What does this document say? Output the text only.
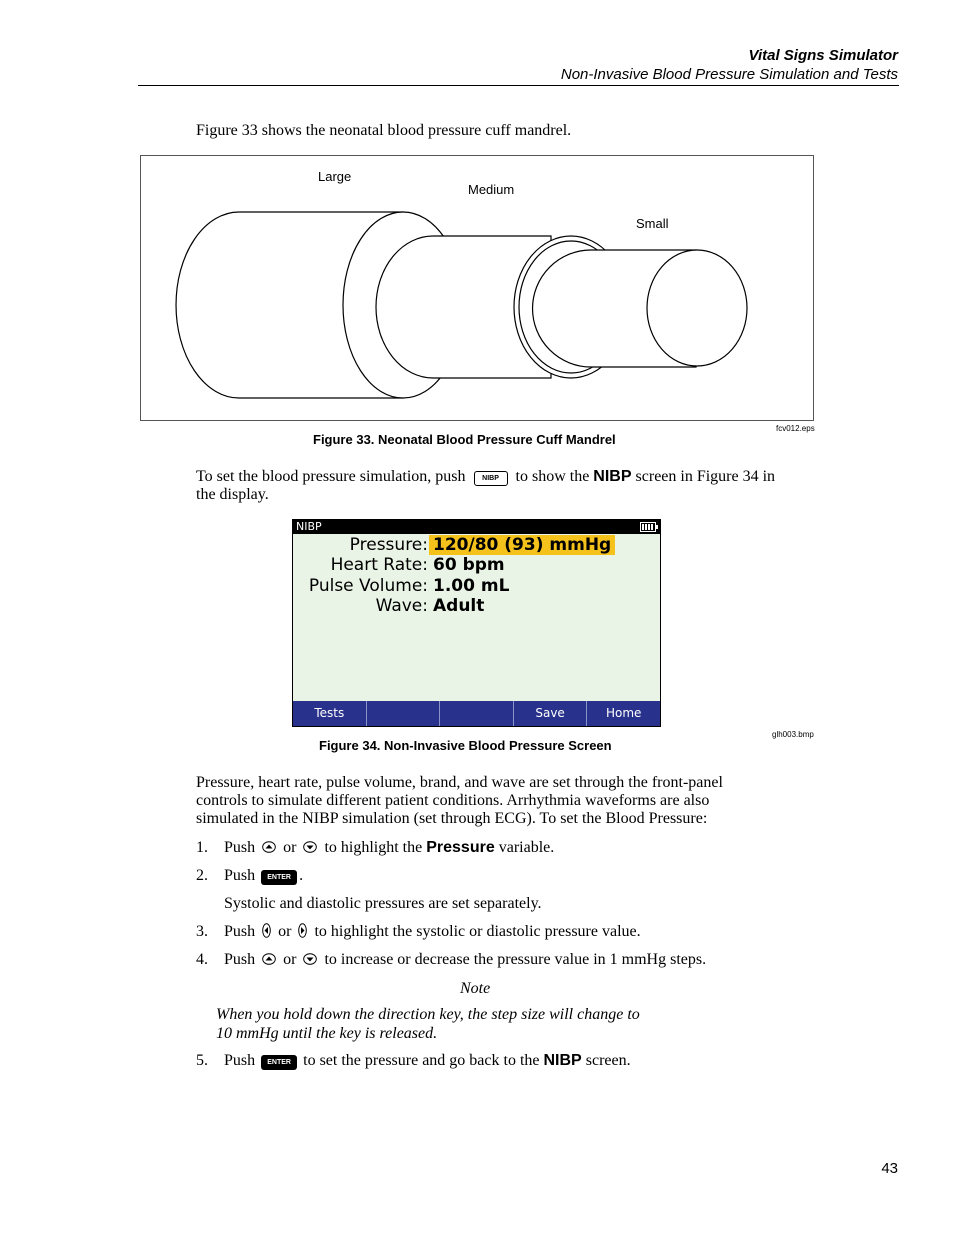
Vital Signs Simulator
Non-Invasive Blood Pressure Simulation and Tests
Figure 33 shows the neonatal blood pressure cuff mandrel.
Large
Medium
Small
fcv012.eps
Figure 33. Neonatal Blood Pressure Cuff Mandrel
To set the blood pressure simulation, push NIBP to show the NIBP screen in Figure 34 in
the display.
NIBP
Pressure: 120/80 (93) mmHg
Heart Rate: 60 bpm
Pulse Volume: 1.00 mL
Wave: Adult
Tests	Save	Home
glh003.bmp
Figure 34. Non-Invasive Blood Pressure Screen
Pressure, heart rate, pulse volume, brand, and wave are set through the front-panel
controls to simulate different patient conditions. Arrhythmia waveforms are also
simulated in the NIBP simulation (set through ECG). To set the Blood Pressure:
1. Push or to highlight the Pressure variable.
2. Push ENTER .
Systolic and diastolic pressures are set separately.
3. Push or to highlight the systolic or diastolic pressure value.
4. Push or to increase or decrease the pressure value in 1 mmHg steps.
Note
When you hold down the direction key, the step size will change to
10 mmHg until the key is released.
5. Push ENTER to set the pressure and go back to the NIBP screen.
43
